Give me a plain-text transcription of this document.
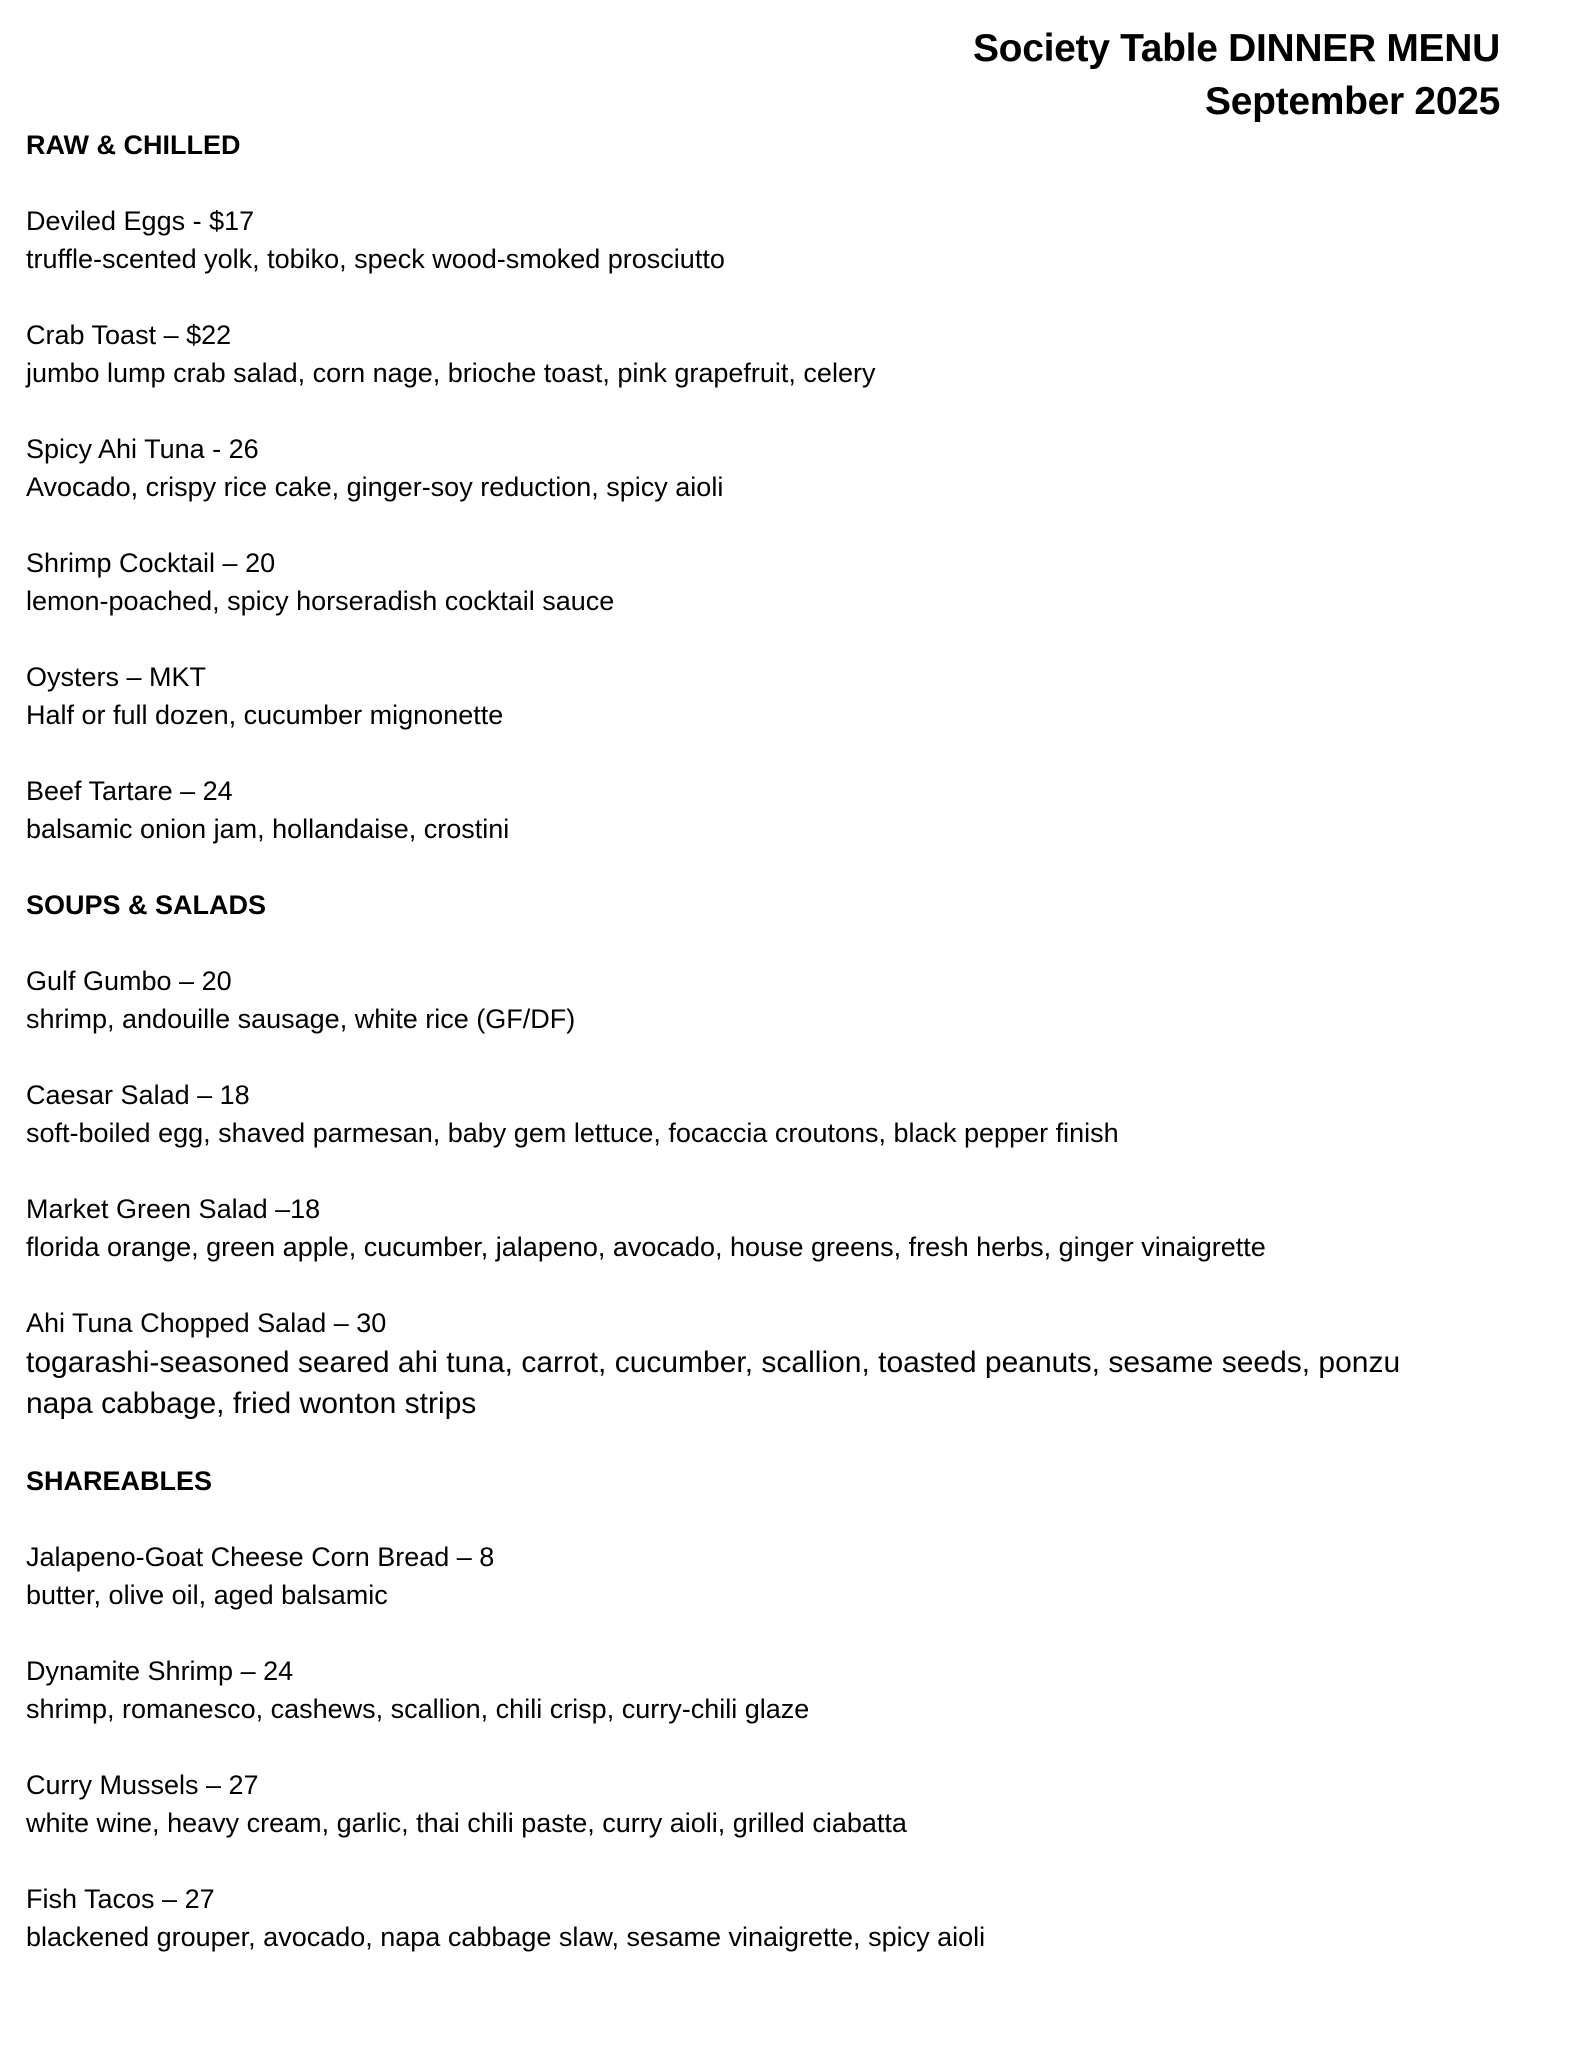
Society Table DINNER MENU
September 2025
RAW & CHILLED
Deviled Eggs - $17
truffle-scented yolk, tobiko, speck wood-smoked prosciutto
Crab Toast – $22
jumbo lump crab salad, corn nage, brioche toast, pink grapefruit, celery
Spicy Ahi Tuna - 26
Avocado, crispy rice cake, ginger-soy reduction, spicy aioli
Shrimp Cocktail – 20
lemon-poached, spicy horseradish cocktail sauce
Oysters – MKT
Half or full dozen, cucumber mignonette
Beef Tartare – 24
balsamic onion jam, hollandaise, crostini
SOUPS & SALADS
Gulf Gumbo – 20
shrimp, andouille sausage, white rice (GF/DF)
Caesar Salad – 18
soft-boiled egg, shaved parmesan, baby gem lettuce, focaccia croutons, black pepper finish
Market Green Salad –18
florida orange, green apple, cucumber, jalapeno, avocado, house greens, fresh herbs, ginger vinaigrette
Ahi Tuna Chopped Salad – 30
togarashi-seasoned seared ahi tuna, carrot, cucumber, scallion, toasted peanuts, sesame seeds, ponzu napa cabbage, fried wonton strips
SHAREABLES
Jalapeno-Goat Cheese Corn Bread – 8
butter, olive oil, aged balsamic
Dynamite Shrimp – 24
shrimp, romanesco, cashews, scallion, chili crisp, curry-chili glaze
Curry Mussels – 27
white wine, heavy cream, garlic, thai chili paste, curry aioli, grilled ciabatta
Fish Tacos – 27
blackened grouper, avocado, napa cabbage slaw, sesame vinaigrette, spicy aioli
